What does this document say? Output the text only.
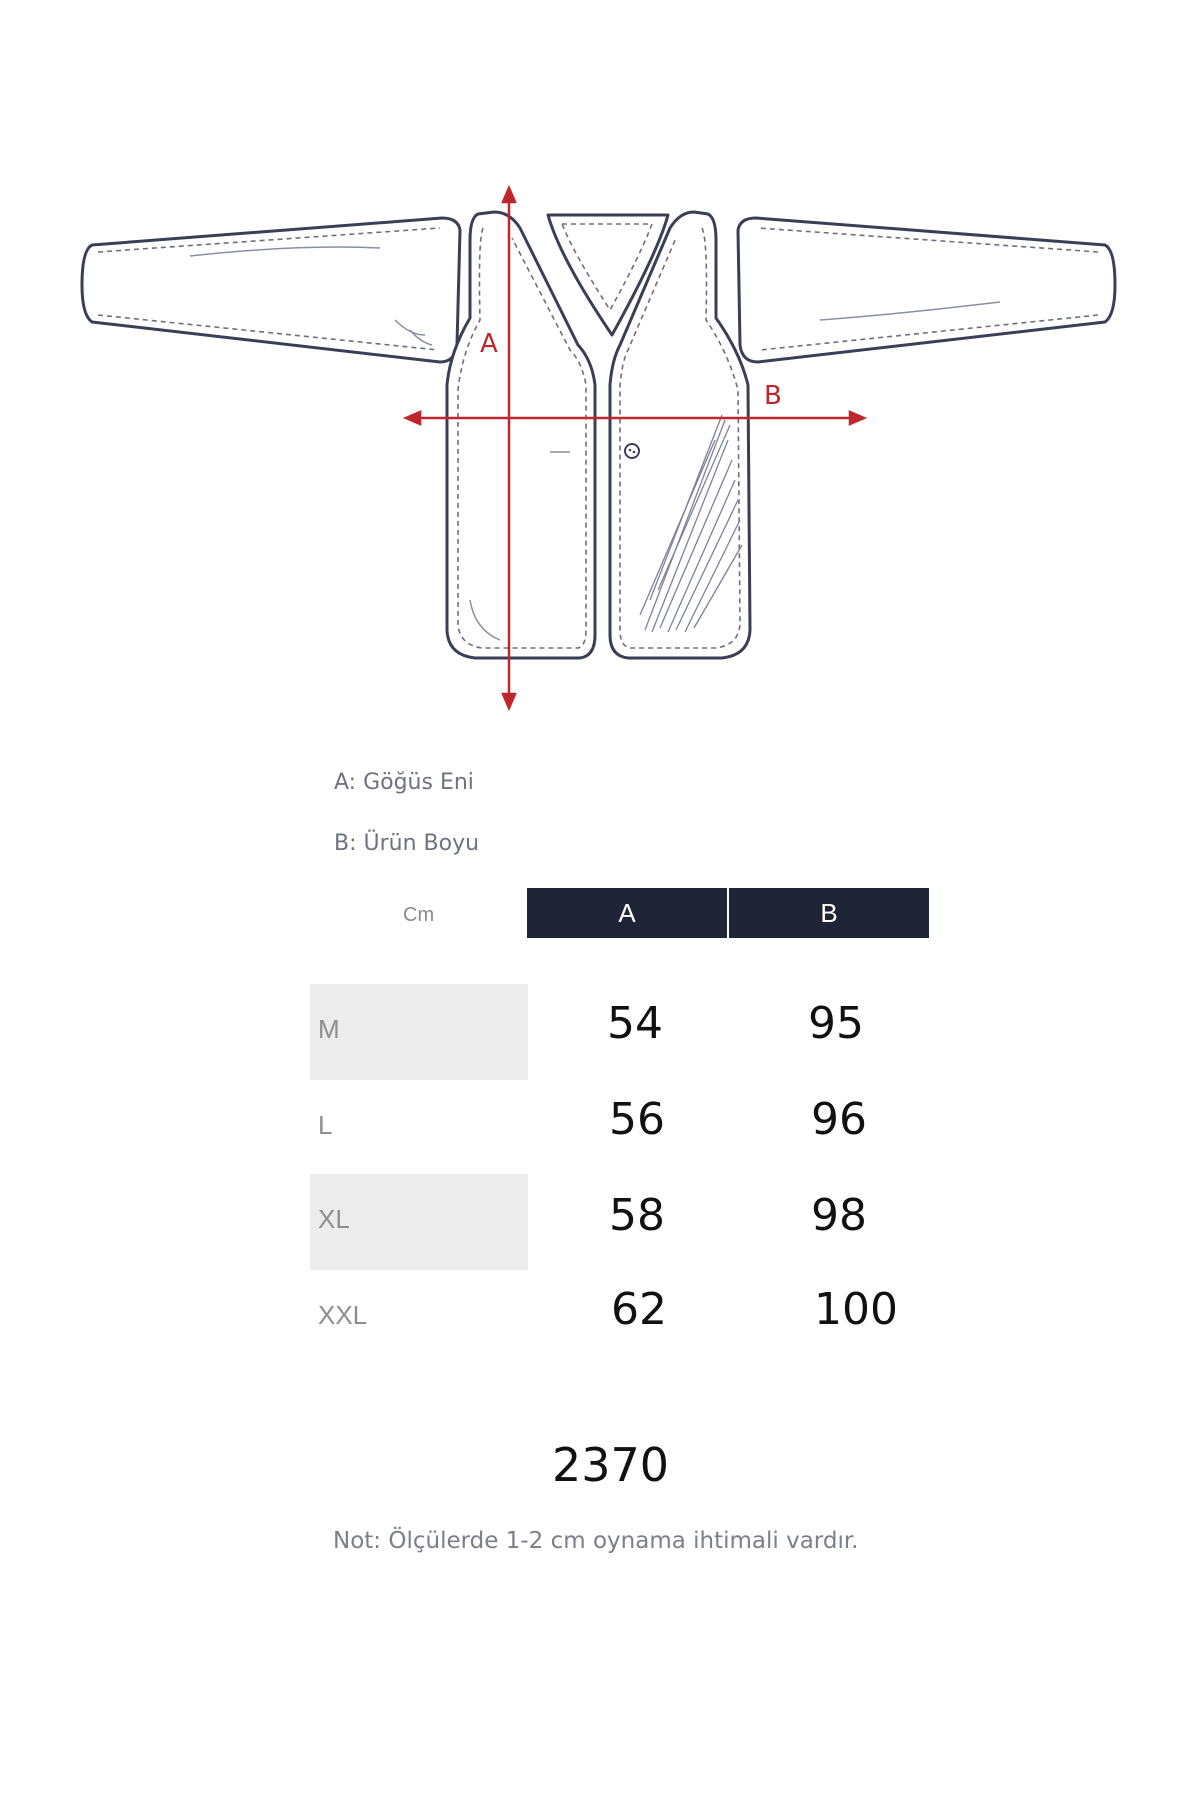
A
B
A: Göğüs Eni
B: Ürün Boyu
Cm	A	B
M	54	95
L	56	96
XL	58	98
XXL	62	100
2370
Not: Ölçülerde 1-2 cm oynama ihtimali vardır.
